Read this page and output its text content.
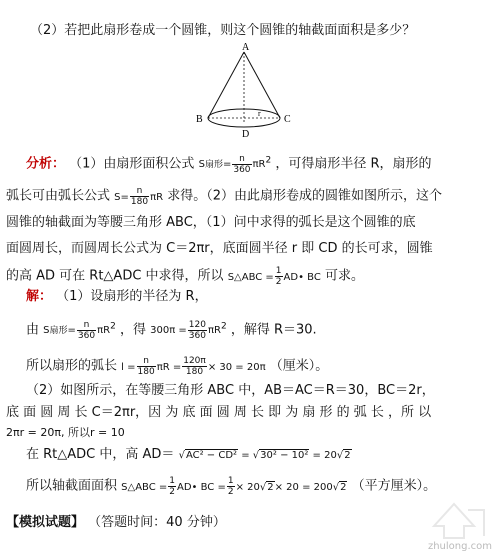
（2）若把此扇形卷成一个圆锥，则这个圆锥的轴截面面积是多少？
A
r
B	C
D
分析： （1）由扇形面积公式 S扇形= $\frac{n}{360} \pi R^2$ ，可得扇形半径 R，扇形的
弧长可由弧长公式 $S= \frac{n}{180}$ πR 求得。（2）由此扇形卷成的圆锥如图所示，这个
圆锥的轴截面为等腰三角形 ABC，（1）问中求得的弧长是这个圆锥的底
面圆周长，而圆周长公式为 C＝2πr，底面圆半径 r 即 CD 的长可求，圆锥
的高 AD 可在 Rt△ADC 中求得，所以 S△ABC = $\frac{1}{2}$ AD• BC 可求。
解： （1）设扇形的半径为 R，
由 S扇形= $\frac{n}{360} \pi R^2$ ，得 $300\pi = \frac{120}{360} \pi R^2$ ，解得 R＝30.
所以扇形的弧长 $l = \frac{n}{180}$ $\pi R = \frac{120\pi}{180} \times 30 = 20\pi$ （厘米）。
（2）如图所示，在等腰三角形 ABC 中，AB＝AC＝R＝30，BC＝2r，
底 面 圆 周 长 C＝2πr，因 为 底 面 圆 周 长 即 为 扇 形 的 弧 长 ，所 以
2πr = 20π, 所以r = 10
在 Rt△ADC 中，高 AD＝ √AC² − CD² = √30² − 10² = 20√2
所以轴截面面积 S△ABC = $\frac{1}{2}$ AD• BC = $\frac{1}{2} \times 20√2\times 20 = 200√2$ （平方厘米）。
【模拟试题】 （答题时间：40 分钟）
zhulong.com
